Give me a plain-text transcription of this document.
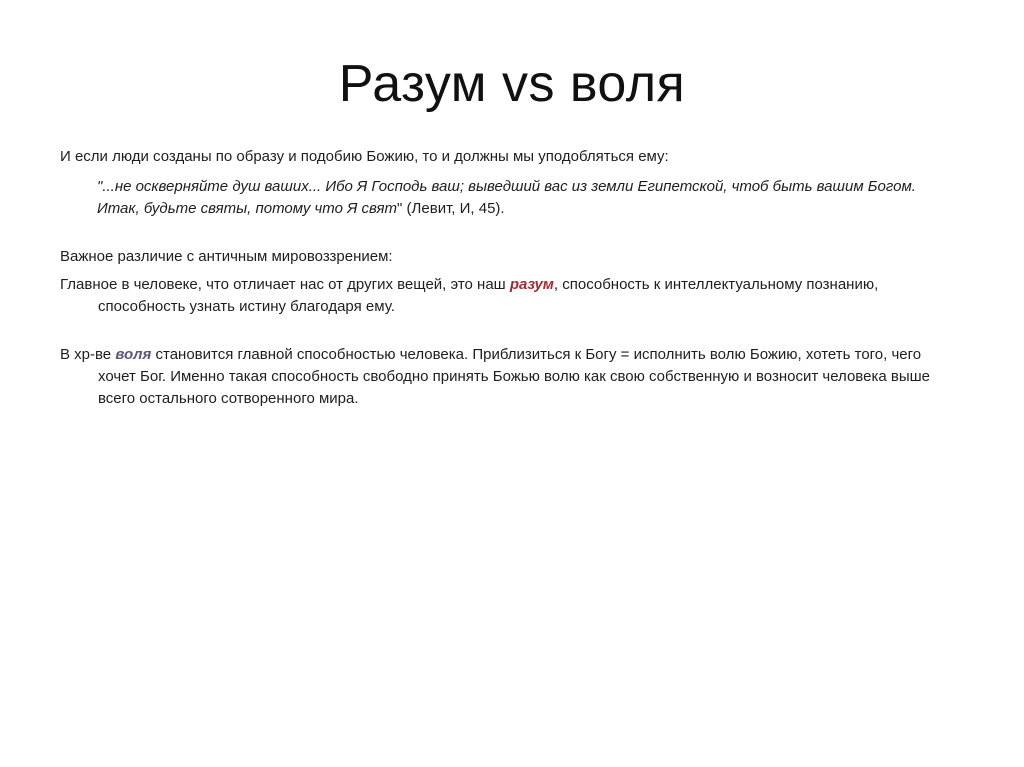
Разум vs воля

И если люди созданы по образу и подобию Божию, то и должны мы уподобляться ему:

"...не оскверняйте душ ваших... Ибо Я Господь ваш; выведший вас из земли Египетской, чтоб быть вашим Богом.
Итак, будьте святы, потому что Я свят" (Левит, И, 45).

Важное различие с античным мировоззрением:

Главное в человеке, что отличает нас от других вещей, это наш разум, способность к интеллектуальному познанию, способность узнать истину благодаря ему.

В хр-ве воля становится главной способностью человека. Приблизиться к Богу = исполнить волю Божию, хотеть того, чего хочет Бог. Именно такая способность свободно принять Божью волю как свою собственную и возносит человека выше всего остального сотворенного мира.
